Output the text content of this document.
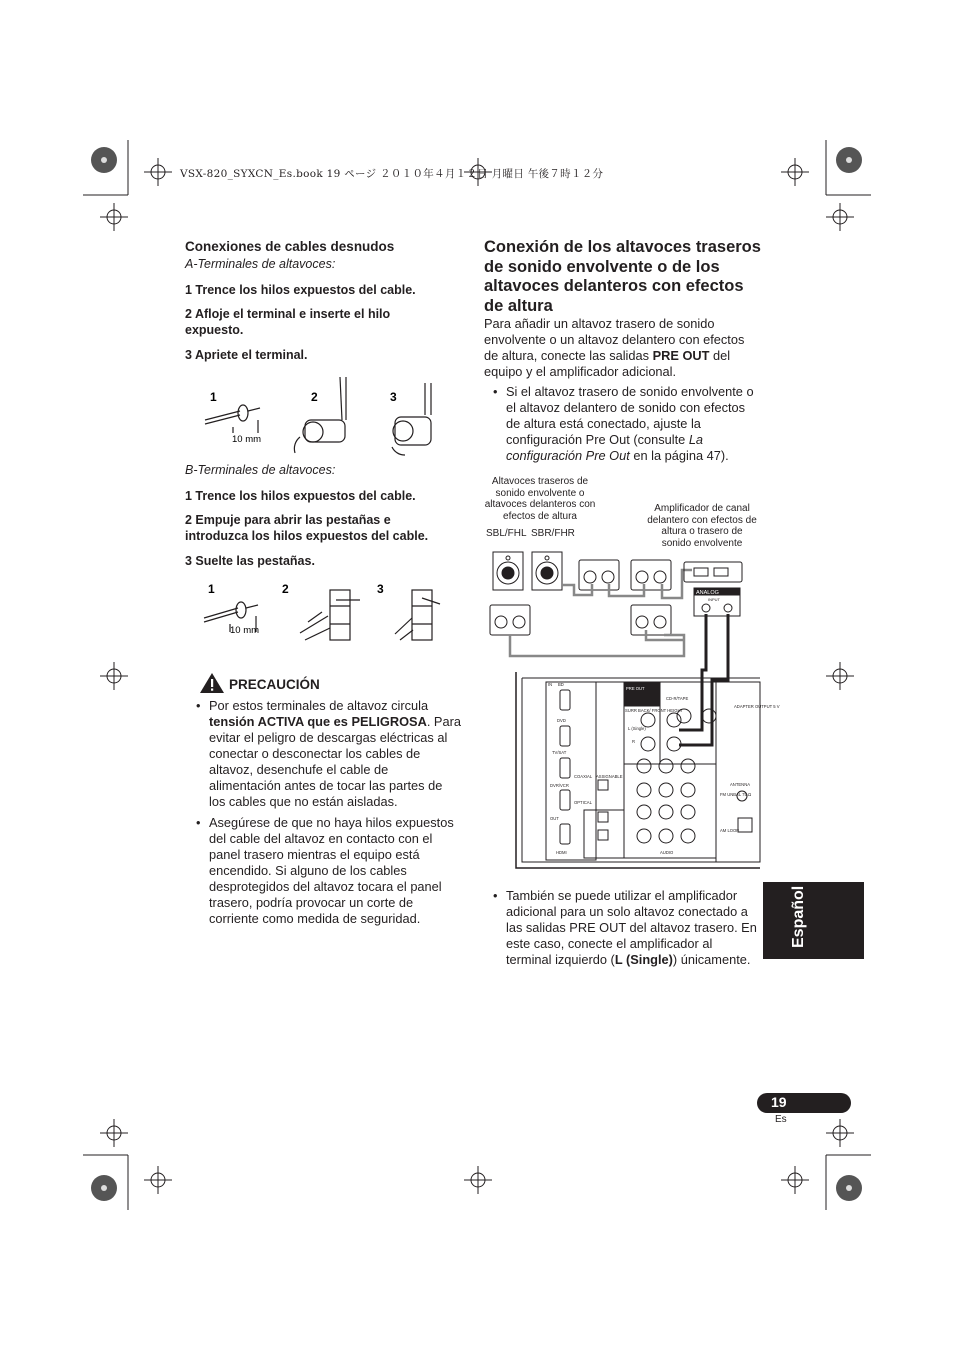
VSX-820_SYXCN_Es.book 19 ページ ２０１０年４月１２日 月曜日 午後７時１２分
Conexiones de cables desnudos
A-Terminales de altavoces:
1 Trence los hilos expuestos del cable.
2 Afloje el terminal e inserte el hilo expuesto.
3 Apriete el terminal.
1	2	3
10 mm
B-Terminales de altavoces:
1 Trence los hilos expuestos del cable.
2 Empuje para abrir las pestañas e introduzca los hilos expuestos del cable.
3 Suelte las pestañas.
1	2	3
10 mm
PRECAUCIÓN
• Por estos terminales de altavoz circula tensión ACTIVA que es PELIGROSA. Para evitar el peligro de descargas eléctricas al conectar o desconectar los cables de altavoz, desenchufe el cable de alimentación antes de tocar las partes de los cables que no están aisladas.
• Asegúrese de que no haya hilos expuestos del cable del altavoz en contacto con el panel trasero mientras el equipo está encendido. Si alguno de los cables desprotegidos del altavoz tocara el panel trasero, podría provocar un corte de corriente como medida de seguridad.
Conexión de los altavoces traseros de sonido envolvente o de los altavoces delanteros con efectos de altura
Para añadir un altavoz trasero de sonido envolvente o un altavoz delantero con efectos de altura, conecte las salidas PRE OUT del equipo y el amplificador adicional.
• Si el altavoz trasero de sonido envolvente o el altavoz delantero de sonido con efectos de altura está conectado, ajuste la configuración Pre Out (consulte La configuración Pre Out en la página 47).
Altavoces traseros de sonido envolvente o altavoces delanteros con efectos de altura
Amplificador de canal delantero con efectos de altura o trasero de sonido envolvente
SBL/FHL SBR/FHR
ANALOG
INPUT
IN BD
DVD
TV/SAT
DVR/VCR
OUT
HDMI
PRE OUT
SURR BACK/ FRONT HEIGHT
L (Single)
R
CD-R/TAPE
COAXIAL ASSIGNABLE
OPTICAL
AUDIO
ANTENNA
FM UNBAL 75 Ω
AM LOOP
ADAPTER OUTPUT 5 V
• También se puede utilizar el amplificador adicional para un solo altavoz conectado a las salidas PRE OUT del altavoz trasero. En este caso, conecte el amplificador al terminal izquierdo (L (Single)) únicamente.
Español
19
Es
